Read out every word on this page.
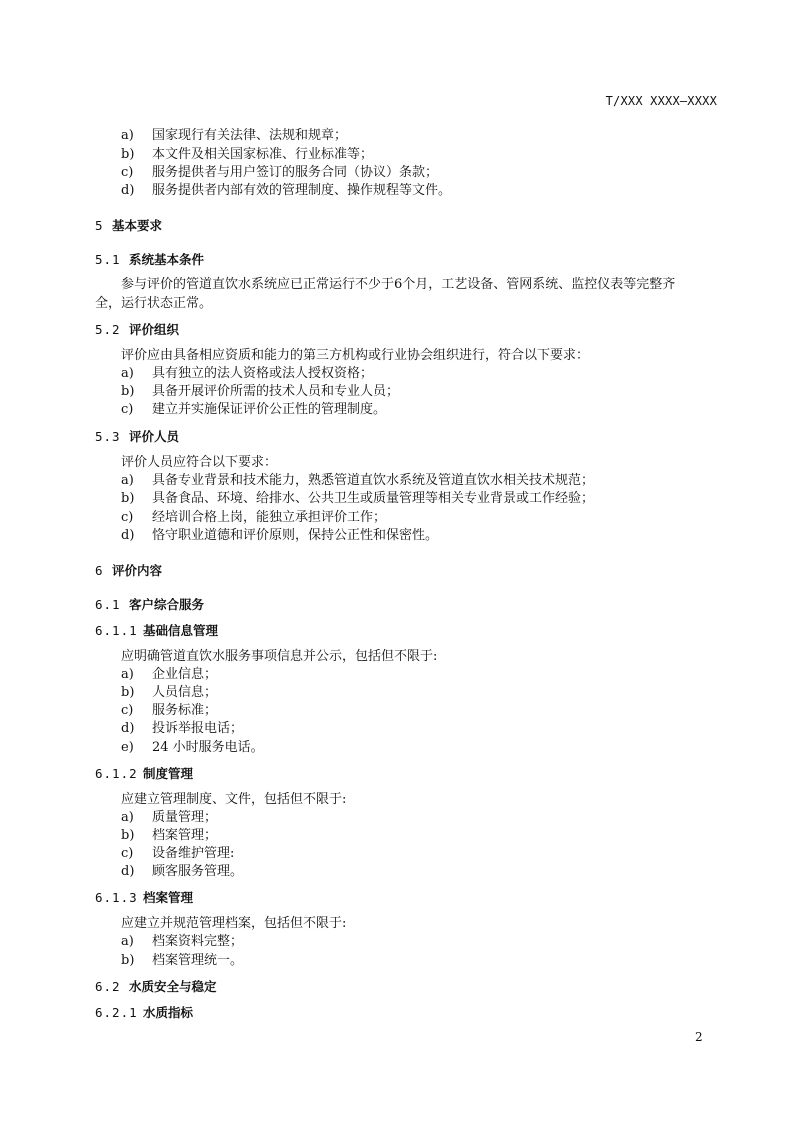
T/XXX XXXX—XXXX
a) 国家现行有关法律、法规和规章；
b) 本文件及相关国家标准、行业标准等；
c) 服务提供者与用户签订的服务合同（协议）条款；
d) 服务提供者内部有效的管理制度、操作规程等文件。
5 基本要求
5.1 系统基本条件
参与评价的管道直饮水系统应已正常运行不少于6个月，工艺设备、管网系统、监控仪表等完整齐
全，运行状态正常。
5.2 评价组织
评价应由具备相应资质和能力的第三方机构或行业协会组织进行，符合以下要求：
a) 具有独立的法人资格或法人授权资格；
b) 具备开展评价所需的技术人员和专业人员；
c) 建立并实施保证评价公正性的管理制度。
5.3 评价人员
评价人员应符合以下要求：
a) 具备专业背景和技术能力，熟悉管道直饮水系统及管道直饮水相关技术规范；
b) 具备食品、环境、给排水、公共卫生或质量管理等相关专业背景或工作经验；
c) 经培训合格上岗，能独立承担评价工作；
d) 恪守职业道德和评价原则，保持公正性和保密性。
6 评价内容
6.1 客户综合服务
6.1.1 基础信息管理
应明确管道直饮水服务事项信息并公示，包括但不限于:
a) 企业信息；
b) 人员信息；
c) 服务标准；
d) 投诉举报电话；
e) 24 小时服务电话。
6.1.2 制度管理
应建立管理制度、文件，包括但不限于:
a) 质量管理；
b) 档案管理；
c) 设备维护管理:
d) 顾客服务管理。
6.1.3 档案管理
应建立并规范管理档案，包括但不限于:
a) 档案资料完整；
b) 档案管理统一。
6.2 水质安全与稳定
6.2.1 水质指标
2
